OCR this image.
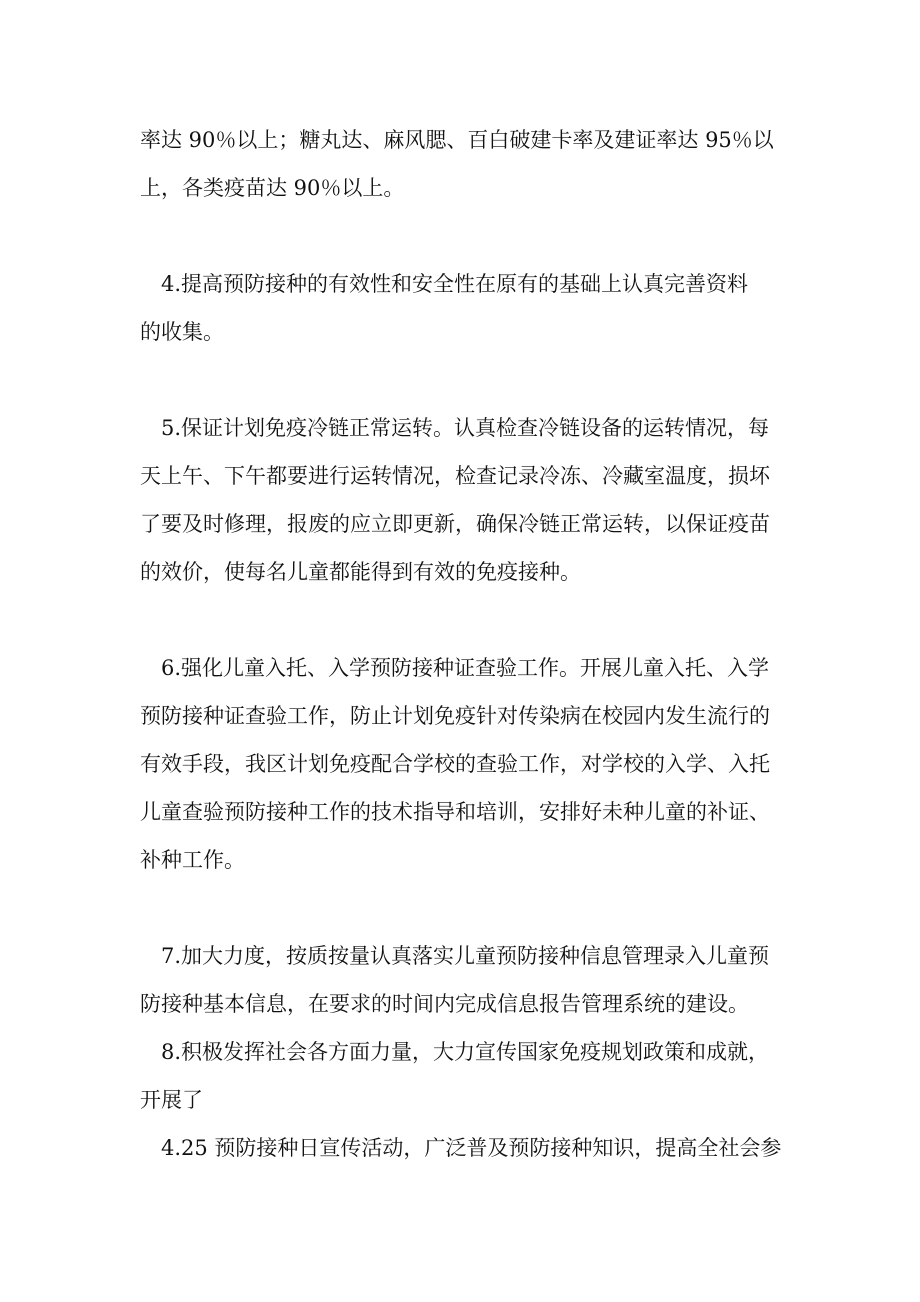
率达 90％以上；糖丸达、麻风腮、百白破建卡率及建证率达 95％以
上，各类疫苗达 90％以上。
4.提高预防接种的有效性和安全性在原有的基础上认真完善资料
的收集。
5.保证计划免疫冷链正常运转。认真检查冷链设备的运转情况，每
天上午、下午都要进行运转情况，检查记录冷冻、冷藏室温度，损坏
了要及时修理，报废的应立即更新，确保冷链正常运转，以保证疫苗
的效价，使每名儿童都能得到有效的免疫接种。
6.强化儿童入托、入学预防接种证查验工作。开展儿童入托、入学
预防接种证查验工作，防止计划免疫针对传染病在校园内发生流行的
有效手段，我区计划免疫配合学校的查验工作，对学校的入学、入托
儿童查验预防接种工作的技术指导和培训，安排好未种儿童的补证、
补种工作。
7.加大力度，按质按量认真落实儿童预防接种信息管理录入儿童预
防接种基本信息，在要求的时间内完成信息报告管理系统的建设。
8.积极发挥社会各方面力量，大力宣传国家免疫规划政策和成就，
开展了
4.25 预防接种日宣传活动，广泛普及预防接种知识，提高全社会参
